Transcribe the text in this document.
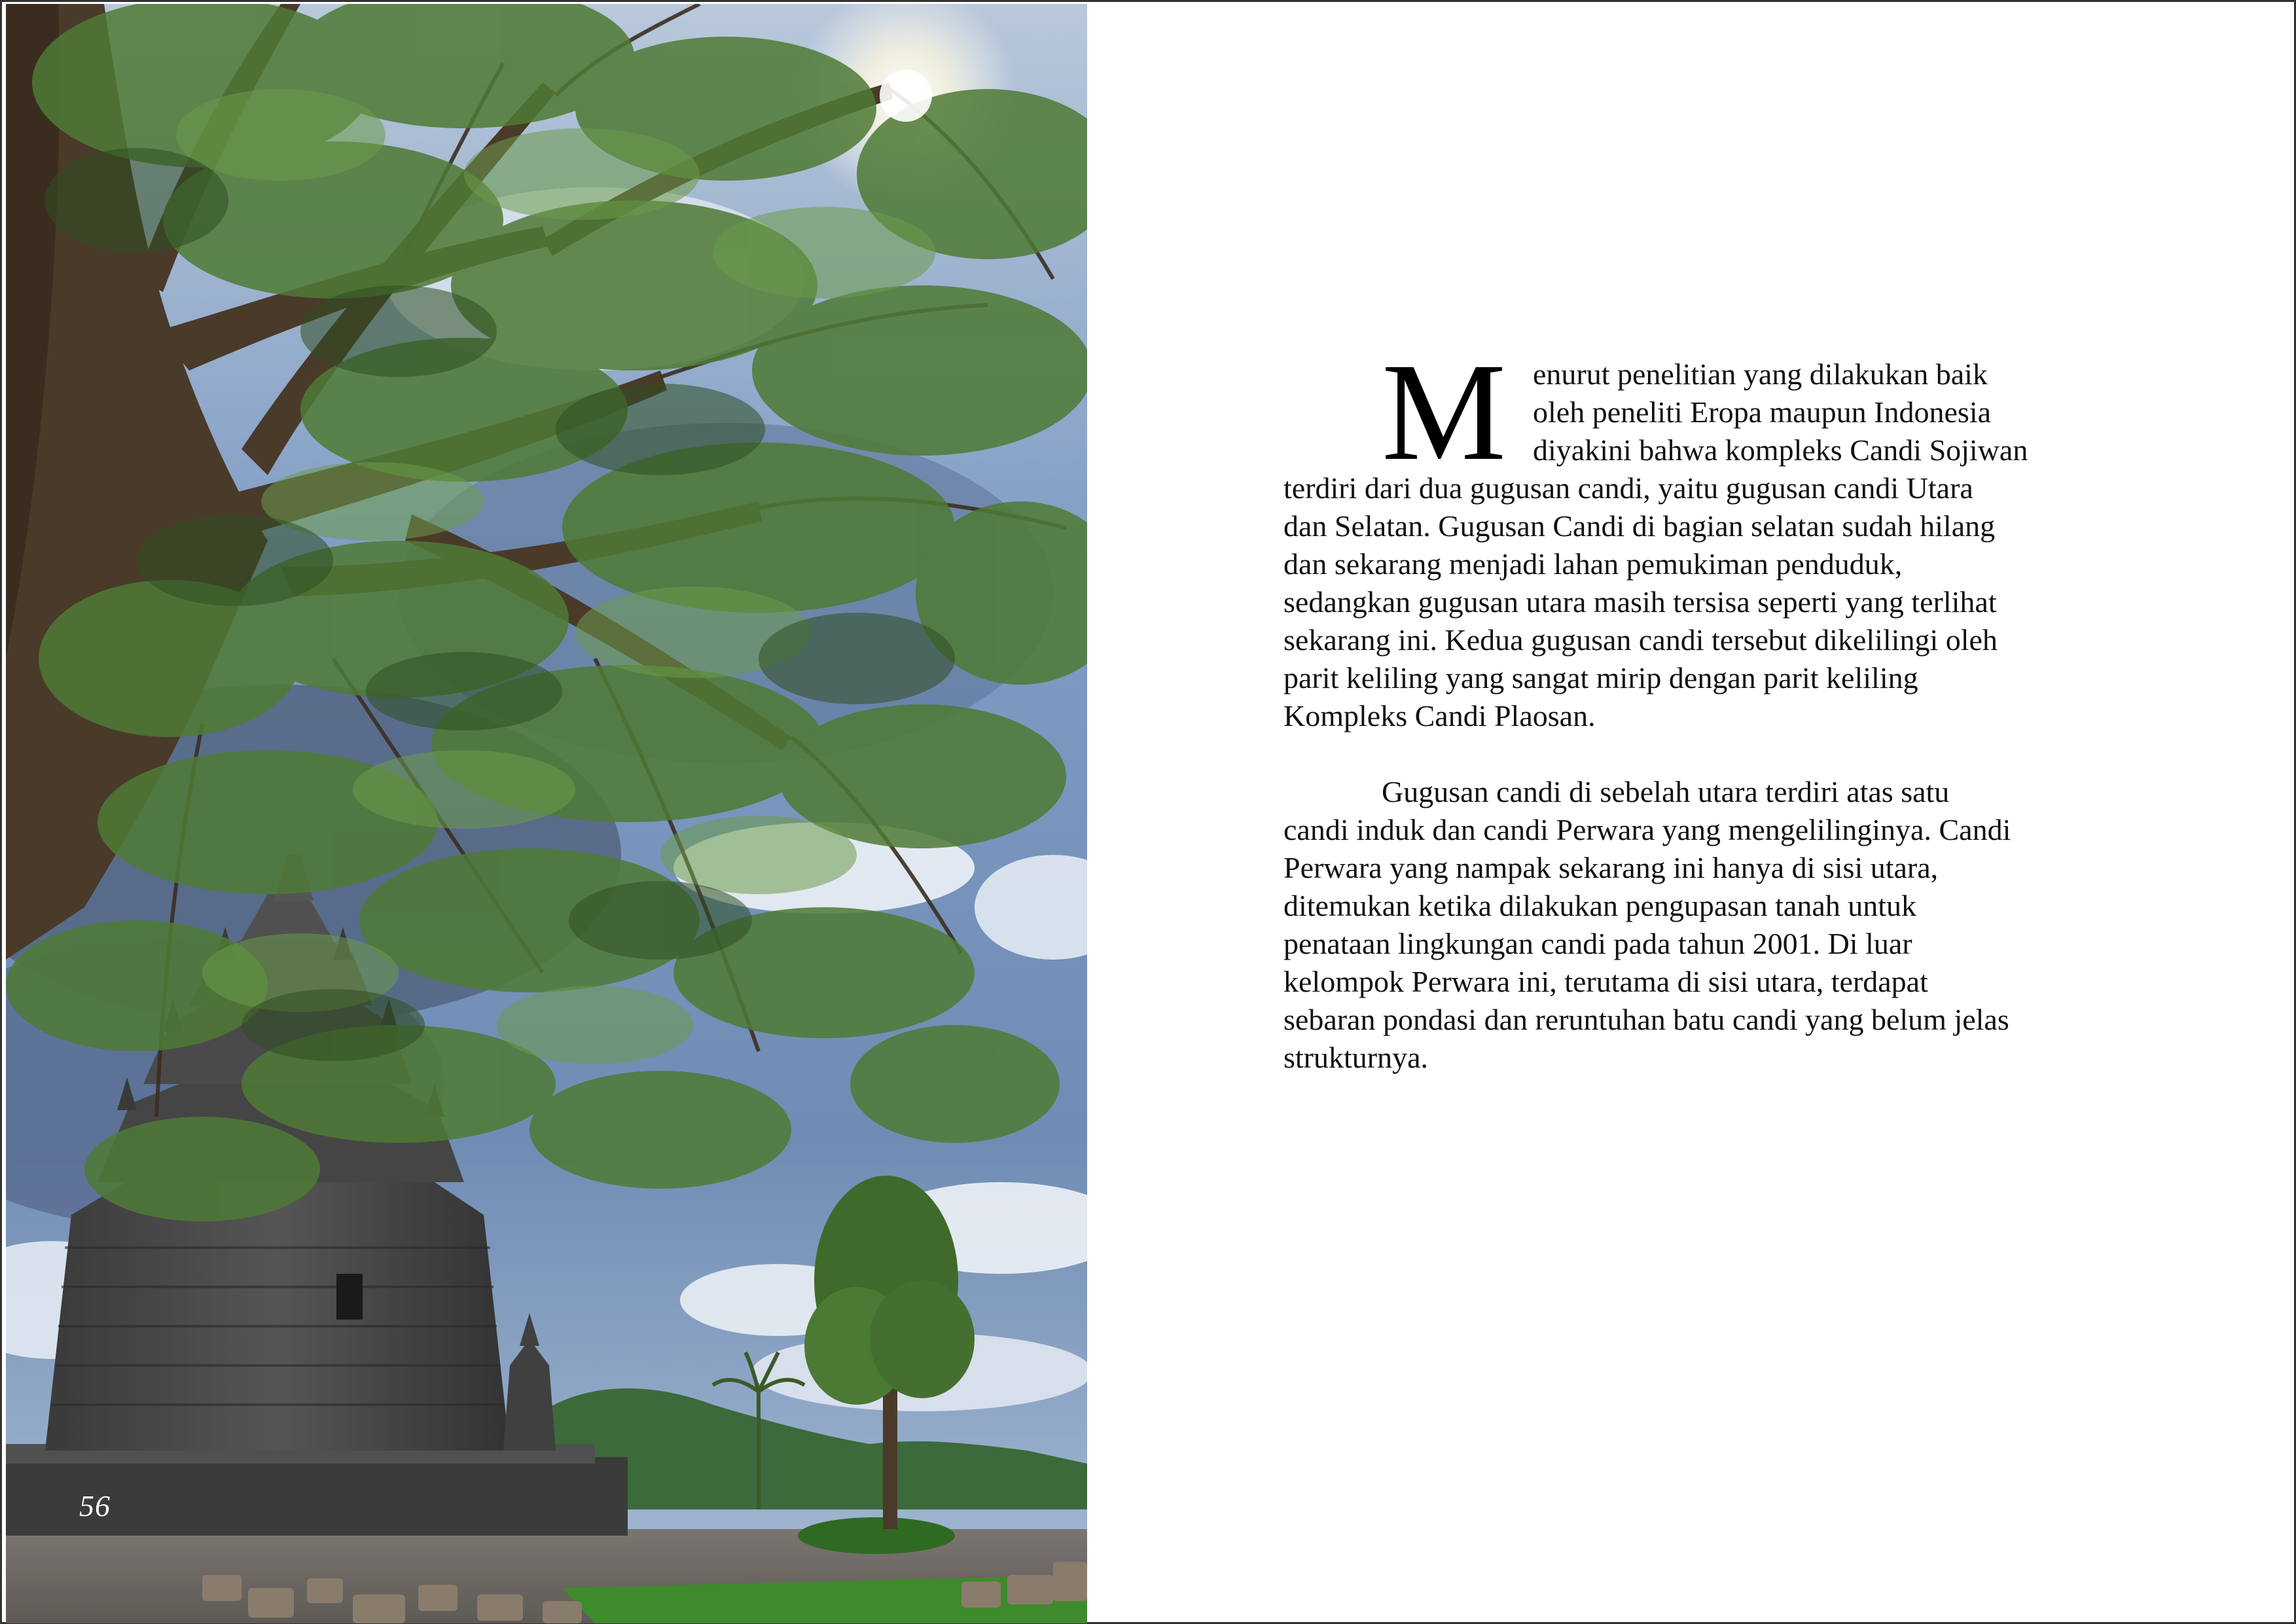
56
M enurut penelitian yang dilakukan baik
oleh peneliti Eropa maupun Indonesia
diyakini bahwa kompleks Candi Sojiwan
terdiri dari dua gugusan candi, yaitu gugusan candi Utara
dan Selatan. Gugusan Candi di bagian selatan sudah hilang
dan sekarang menjadi lahan pemukiman penduduk,
sedangkan gugusan utara masih tersisa seperti yang terlihat
sekarang ini. Kedua gugusan candi tersebut dikelilingi oleh
parit keliling yang sangat mirip dengan parit keliling
Kompleks Candi Plaosan.
Gugusan candi di sebelah utara terdiri atas satu
candi induk dan candi Perwara yang mengelilinginya. Candi
Perwara yang nampak sekarang ini hanya di sisi utara,
ditemukan ketika dilakukan pengupasan tanah untuk
penataan lingkungan candi pada tahun 2001. Di luar
kelompok Perwara ini, terutama di sisi utara, terdapat
sebaran pondasi dan reruntuhan batu candi yang belum jelas
strukturnya.
